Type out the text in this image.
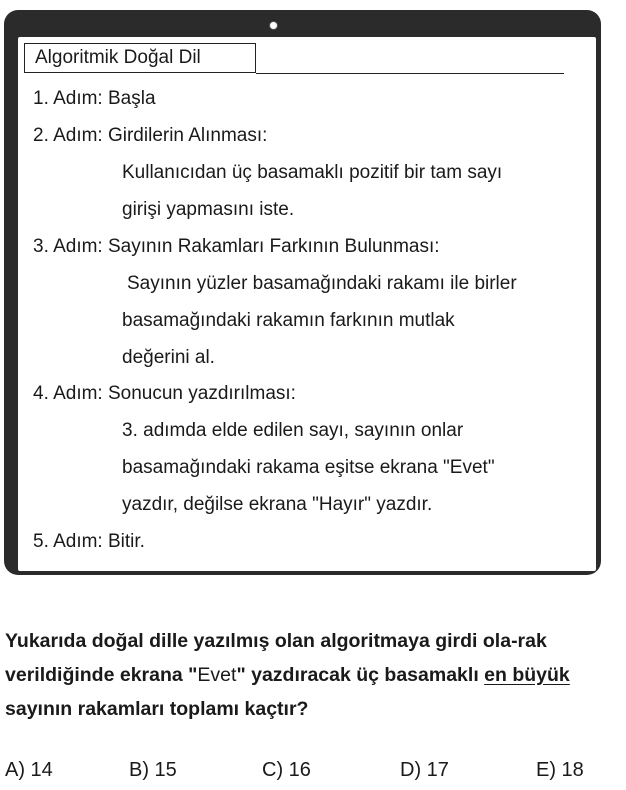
Algoritmik Doğal Dil
1. Adım: Başla
2. Adım: Girdilerin Alınması:
Kullanıcıdan üç basamaklı pozitif bir tam sayı
girişi yapmasını iste.
3. Adım: Sayının Rakamları Farkının Bulunması:
Sayının yüzler basamağındaki rakamı ile birler
basamağındaki rakamın farkının mutlak
değerini al.
4. Adım: Sonucun yazdırılması:
3. adımda elde edilen sayı, sayının onlar
basamağındaki rakama eşitse ekrana "Evet"
yazdır, değilse ekrana "Hayır" yazdır.
5. Adım: Bitir.
Yukarıda doğal dille yazılmış olan algoritmaya girdi ola-rak verildiğinde ekrana "Evet" yazdıracak üç basamaklı en büyük sayının rakamları toplamı kaçtır?
A) 14	B) 15	C) 16	D) 17	E) 18
